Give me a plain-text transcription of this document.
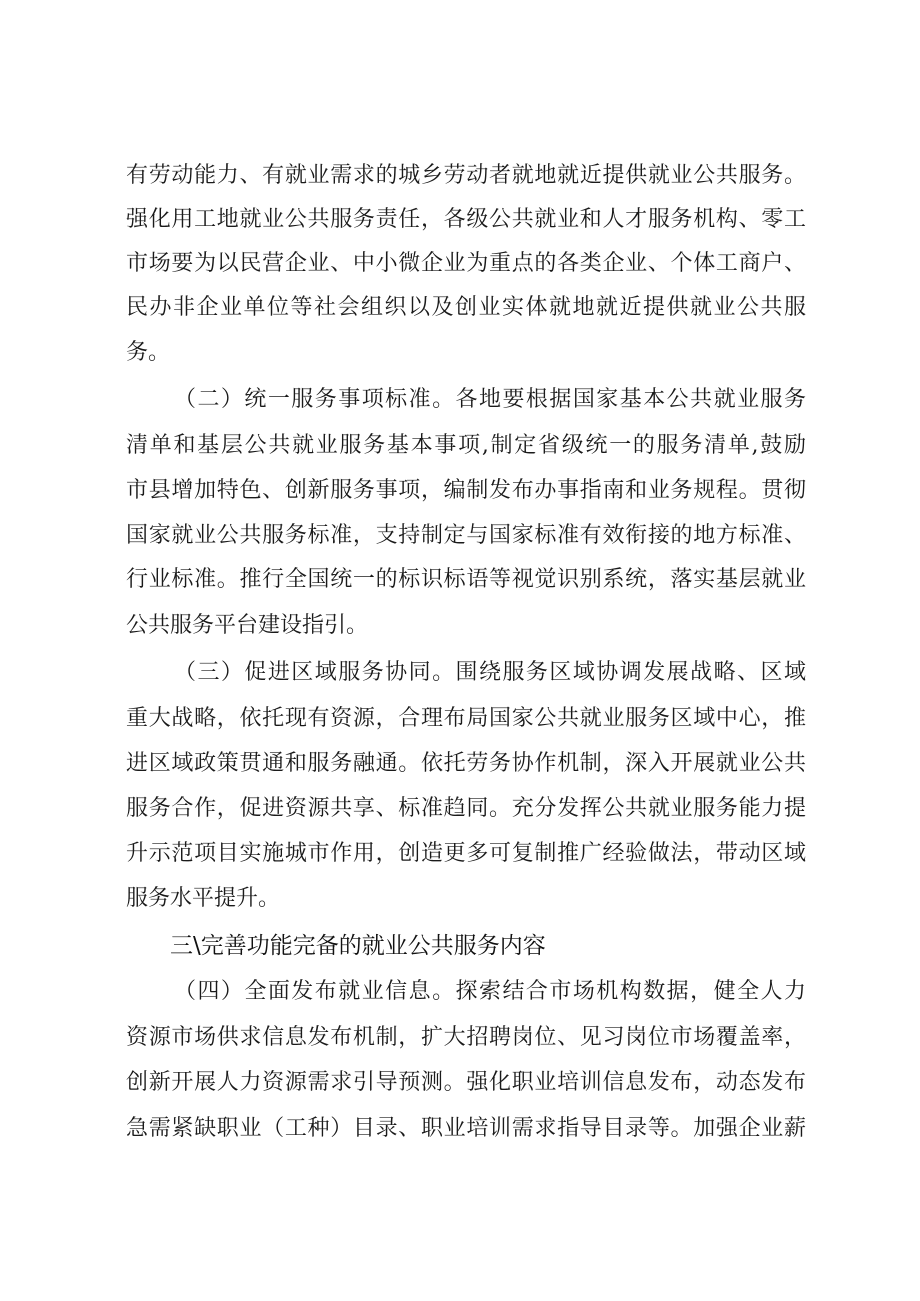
有劳动能力、有就业需求的城乡劳动者就地就近提供就业公共服务。
强化用工地就业公共服务责任，各级公共就业和人才服务机构、零工
市场要为以民营企业、中小微企业为重点的各类企业、个体工商户、
民办非企业单位等社会组织以及创业实体就地就近提供就业公共服
务。
（二）统一服务事项标准。各地要根据国家基本公共就业服务
清单和基层公共就业服务基本事项,制定省级统一的服务清单,鼓励
市县增加特色、创新服务事项，编制发布办事指南和业务规程。贯彻
国家就业公共服务标准，支持制定与国家标准有效衔接的地方标准、
行业标准。推行全国统一的标识标语等视觉识别系统，落实基层就业
公共服务平台建设指引。
（三）促进区域服务协同。围绕服务区域协调发展战略、区域
重大战略，依托现有资源，合理布局国家公共就业服务区域中心，推
进区域政策贯通和服务融通。依托劳务协作机制，深入开展就业公共
服务合作，促进资源共享、标准趋同。充分发挥公共就业服务能力提
升示范项目实施城市作用，创造更多可复制推广经验做法，带动区域
服务水平提升。
三\完善功能完备的就业公共服务内容
（四）全面发布就业信息。探索结合市场机构数据，健全人力
资源市场供求信息发布机制，扩大招聘岗位、见习岗位市场覆盖率，
创新开展人力资源需求引导预测。强化职业培训信息发布，动态发布
急需紧缺职业（工种）目录、职业培训需求指导目录等。加强企业薪
